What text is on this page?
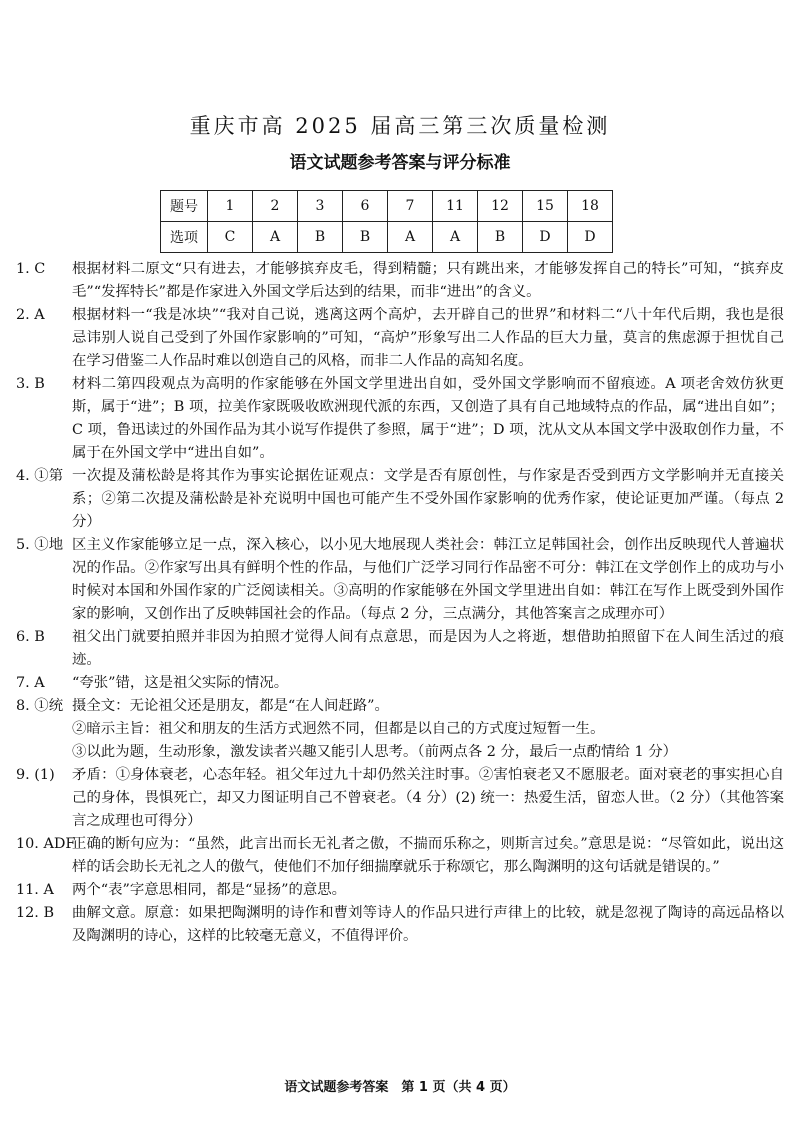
重庆市高 2025 届高三第三次质量检测
语文试题参考答案与评分标准
题号	1	2	3	6	7	11	12	15	18
选项	C	A	B	B	A	A	B	D	D
1. C	根据材料二原文“只有进去，才能够摈弃皮毛，得到精髓；只有跳出来，才能够发挥自己的特长”可知，“摈弃皮毛”“发挥特长”都是作家进入外国文学后达到的结果，而非“进出”的含义。

2. A	根据材料一“我是冰块”“我对自己说，逃离这两个高炉，去开辟自己的世界”和材料二“八十年代后期，我也是很忌讳别人说自己受到了外国作家影响的”可知，“高炉”形象写出二人作品的巨大力量，莫言的焦虑源于担忧自己在学习借鉴二人作品时难以创造自己的风格，而非二人作品的高知名度。

3. B	材料二第四段观点为高明的作家能够在外国文学里进出自如，受外国文学影响而不留痕迹。A 项老舍效仿狄更斯，属于“进”；B 项，拉美作家既吸收欧洲现代派的东西，又创造了具有自己地域特点的作品，属“进出自如”；C 项，鲁迅读过的外国作品为其小说写作提供了参照，属于“进”；D 项，沈从文从本国文学中汲取创作力量，不属于在外国文学中“进出自如”。

4. ①第 一次提及蒲松龄是将其作为事实论据佐证观点：文学是否有原创性，与作家是否受到西方文学影响并无直接关系；②第二次提及蒲松龄是补充说明中国也可能产生不受外国作家影响的优秀作家，使论证更加严谨。（每点 2 分）

5. ①地 区主义作家能够立足一点，深入核心，以小见大地展现人类社会：韩江立足韩国社会，创作出反映现代人普遍状况的作品。②作家写出具有鲜明个性的作品，与他们广泛学习同行作品密不可分：韩江在文学创作上的成功与小时候对本国和外国作家的广泛阅读相关。③高明的作家能够在外国文学里进出自如：韩江在写作上既受到外国作家的影响，又创作出了反映韩国社会的作品。（每点 2 分，三点满分，其他答案言之成理亦可）

6. B	祖父出门就要拍照并非因为拍照才觉得人间有点意思，而是因为人之将逝，想借助拍照留下在人间生活过的痕迹。

7. A	“夸张”错，这是祖父实际的情况。

8. ①统 摄全文：无论祖父还是朋友，都是“在人间赶路”。

②暗示主旨：祖父和朋友的生活方式迥然不同，但都是以自己的方式度过短暂一生。

③以此为题，生动形象，激发读者兴趣又能引人思考。（前两点各 2 分，最后一点酌情给 1 分）

9. (1)	矛盾：①身体衰老，心态年轻。祖父年过九十却仍然关注时事。②害怕衰老又不愿服老。面对衰老的事实担心自己的身体，畏惧死亡，却又力图证明自己不曾衰老。（4 分）(2) 统一：热爱生活，留恋人世。（2 分）（其他答案言之成理也可得分）

10. ADF

正确的断句应为：“虽然，此言出而长无礼者之傲，不揣而乐称之，则斯言过矣。”意思是说：“尽管如此，说出这样的话会助长无礼之人的傲气，使他们不加仔细揣摩就乐于称颂它，那么陶渊明的这句话就是错误的。”

11. A	两个“表”字意思相同，都是“显扬”的意思。

12. B	曲解文意。原意：如果把陶渊明的诗作和曹刘等诗人的作品只进行声律上的比较，就是忽视了陶诗的高远品格以及陶渊明的诗心，这样的比较毫无意义，不值得评价。

语文试题参考答案　第 1 页（共 4 页）
